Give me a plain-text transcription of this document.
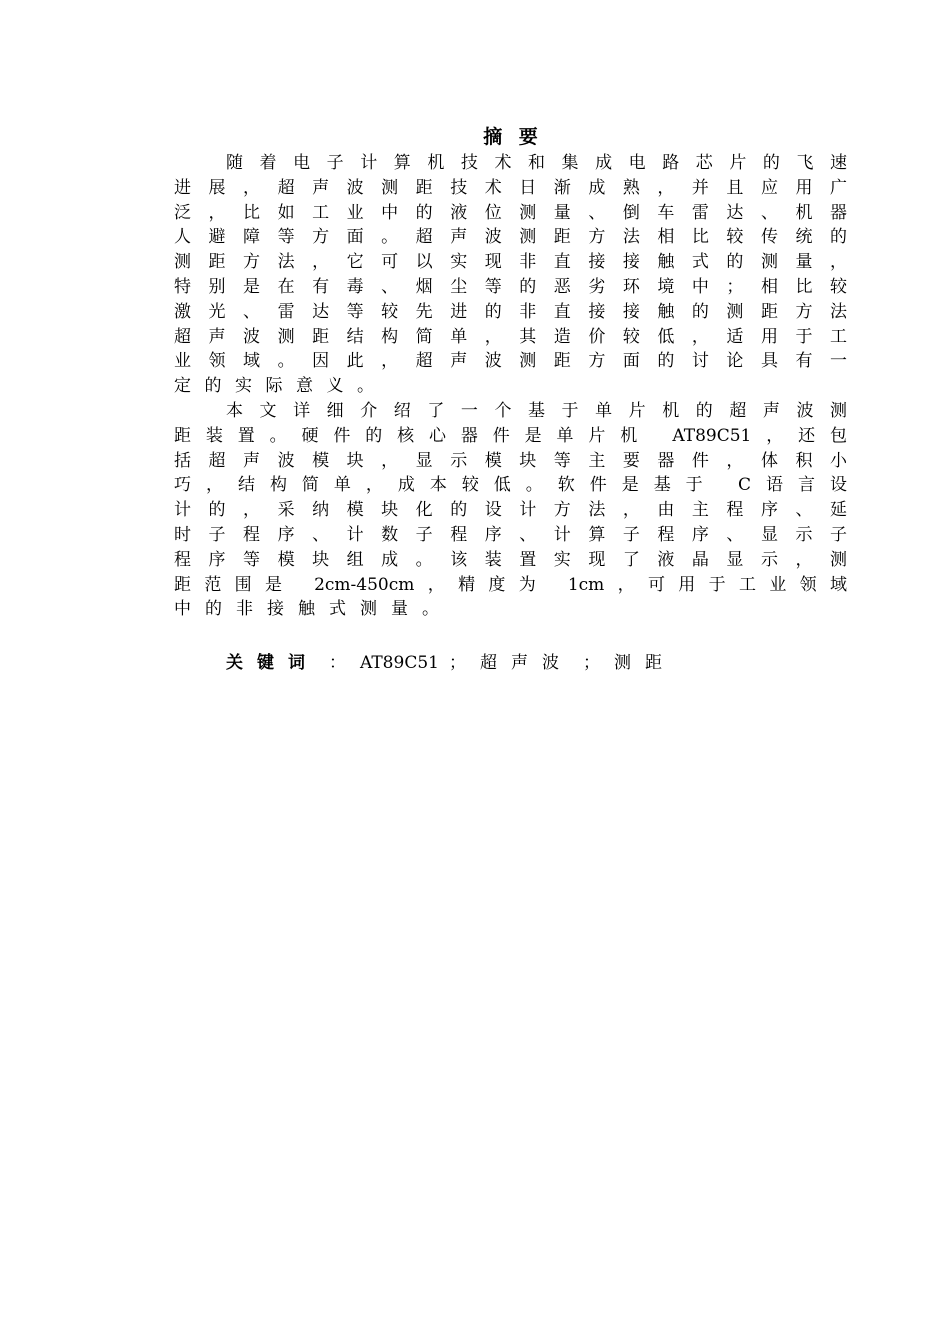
摘 要
随着电子计算机技术和集成电路芯片的飞速
进展，超声波测距技术日渐成熟，并且应用广
泛，比如工业中的液位测量、倒车雷达、机器
人避障等方面。超声波测距方法相比较传统的
测距方法，它可以实现非直接接触式的测量，
特别是在有毒、烟尘等的恶劣环境中；相比较
激光、雷达等较先进的非直接接触的测距方法
超声波测距结构简单，其造价较低，适用于工
业领域。因此，超声波测距方面的讨论具有一
定的实际意义。
本文详细介绍了一个基于单片机的超声波测
距装置。硬件的核心器件是单片机 AT89C51，还包
括超声波模块，显示模块等主要器件，体积小
巧，结构简单，成本较低。软件是基于 C语言设
计的，采纳模块化的设计方法，由主程序、延
时子程序、计数子程序、计算子程序、显示子
程序等模块组成。该装置实现了液晶显示，测
距范围是 2cm-450cm，精度为 1cm，可用于工业领域
中的非接触式测量。
关键词 ： AT89C51 ； 超声波 ； 测距
